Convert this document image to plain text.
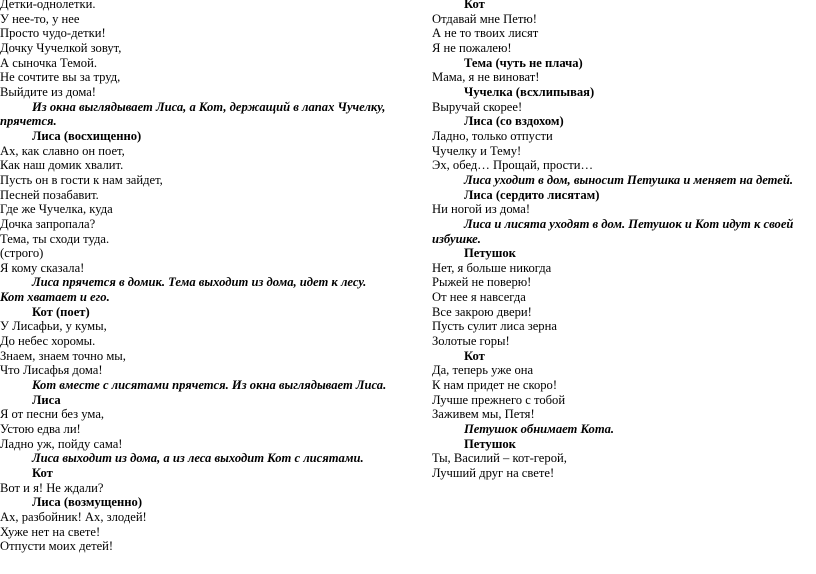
Детки-однолетки.
У нее-то, у нее
Просто чудо-детки!
Дочку Чучелкой зовут,
А сыночка Темой.
Не сочтите вы за труд,
Выйдите из дома!
Из окна выглядывает Лиса, а Кот, держащий в лапах Чучелку, прячется.
Лиса (восхищенно)
Ах, как славно он поет,
Как наш домик хвалит.
Пусть он в гости к нам зайдет,
Песней позабавит.
Где же Чучелка, куда
Дочка запропала?
Тема, ты сходи туда.
(строго)
Я кому сказала!
Лиса прячется в домик. Тема выходит из дома, идет к лесу. Кот хватает и его.
Кот (поет)
У Лисафьи, у кумы,
До небес хоромы.
Знаем, знаем точно мы,
Что Лисафья дома!
Кот вместе с лисятами прячется. Из окна выглядывает Лиса.
Лиса
Я от песни без ума,
Устою едва ли!
Ладно уж, пойду сама!
Лиса выходит из дома, а из леса выходит Кот с лисятами.
Кот
Вот и я! Не ждали?
Лиса (возмущенно)
Ах, разбойник! Ах, злодей!
Хуже нет на свете!
Отпусти моих детей!
Кот
Отдавай мне Петю!
А не то твоих лисят
Я не пожалею!
Тема (чуть не плача)
Мама, я не виноват!
Чучелка (всхлипывая)
Выручай скорее!
Лиса (со вздохом)
Ладно, только отпусти
Чучелку и Тему!
Эх, обед… Прощай, прости…
Лиса уходит в дом, выносит Петушка и меняет на детей.
Лиса (сердито лисятам)
Ни ногой из дома!
Лиса и лисята уходят в дом. Петушок и Кот идут к своей избушке.
Петушок
Нет, я больше никогда
Рыжей не поверю!
От нее я навсегда
Все закрою двери!
Пусть сулит лиса зерна
Золотые горы!
Кот
Да, теперь уже она
К нам придет не скоро!
Лучше прежнего с тобой
Заживем мы, Петя!
Петушок обнимает Кота.
Петушок
Ты, Василий – кот-герой,
Лучший друг на свете!
